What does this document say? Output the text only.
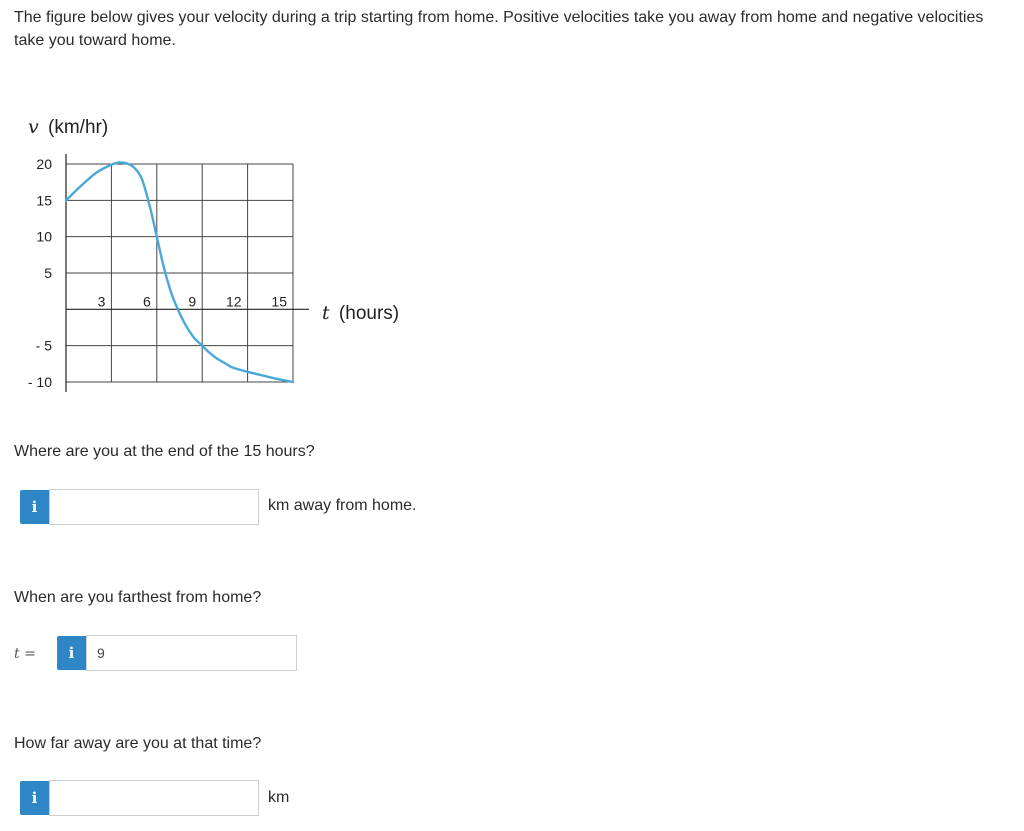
The figure below gives your velocity during a trip starting from home. Positive velocities take you away from home and negative velocities take you toward home.
v (km/hr)
20
15
10
5
- 5
- 10
3	6	9 12 15
t (hours)
Where are you at the end of the 15 hours?
i	km away from home.
When are you farthest from home?
t =	i
9
How far away are you at that time?
i	km
